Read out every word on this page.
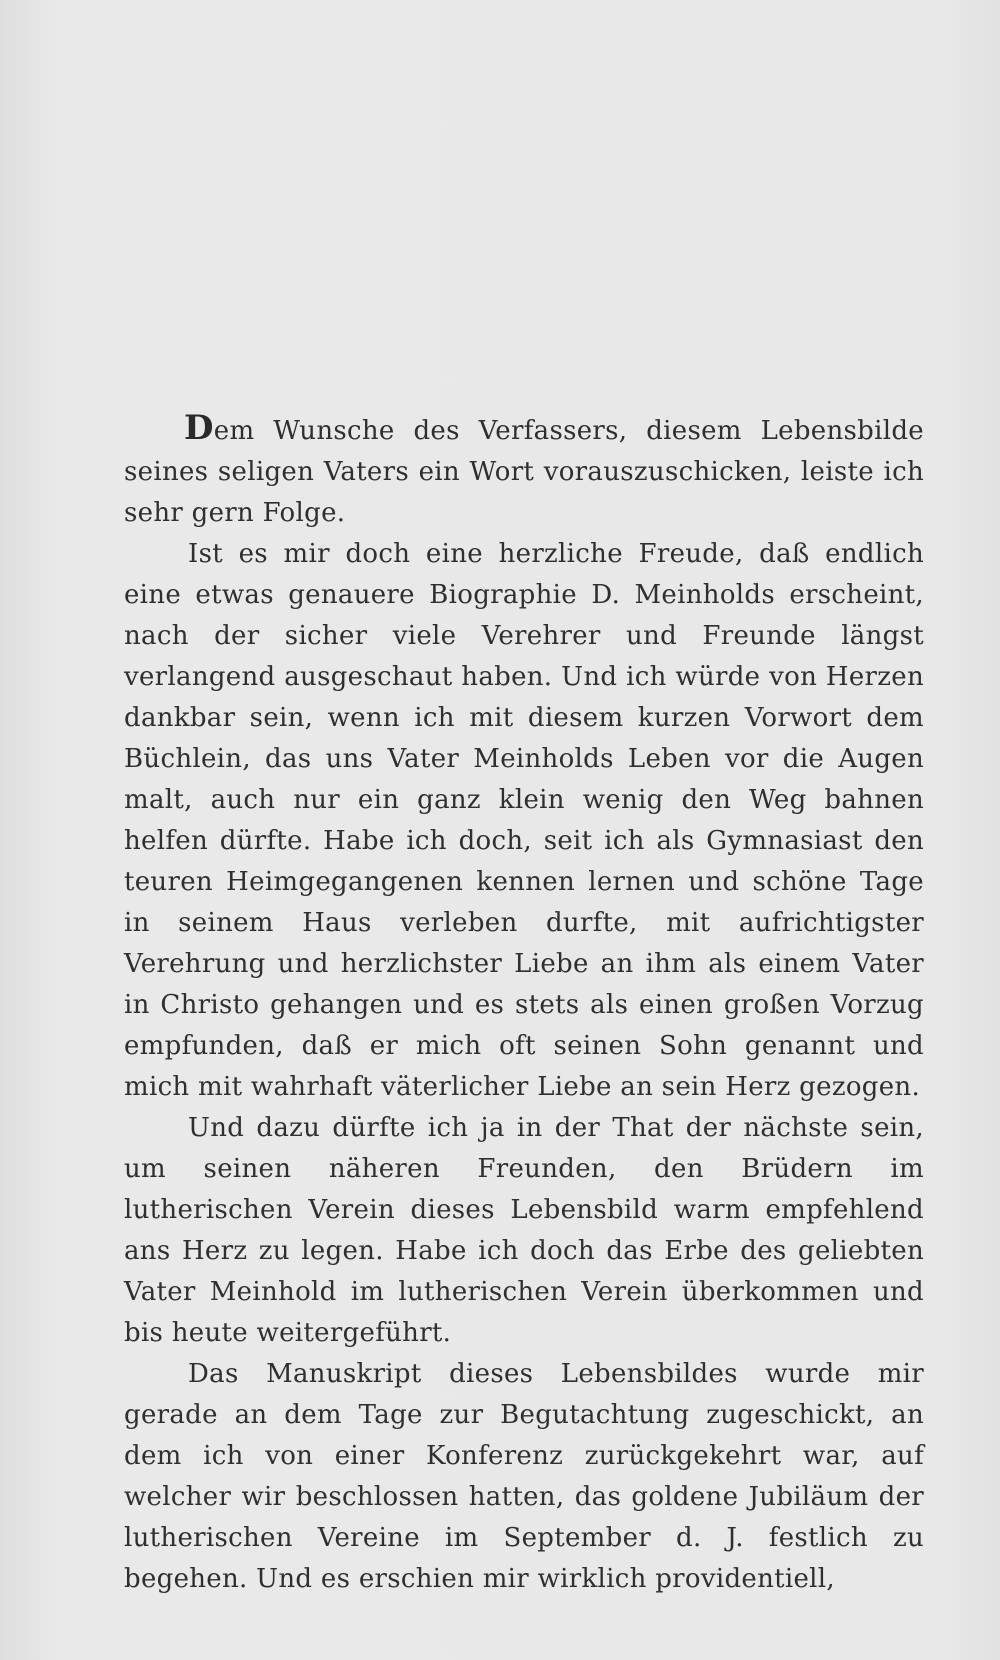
Dem Wunsche des Verfassers, diesem Lebensbilde seines seligen Vaters ein Wort vorauszuschicken, leiste ich sehr gern Folge.

Ist es mir doch eine herzliche Freude, daß endlich eine etwas genauere Biographie D. Meinholds erscheint, nach der sicher viele Verehrer und Freunde längst verlangend ausgeschaut haben. Und ich würde von Herzen dankbar sein, wenn ich mit diesem kurzen Vorwort dem Büchlein, das uns Vater Meinholds Leben vor die Augen malt, auch nur ein ganz klein wenig den Weg bahnen helfen dürfte. Habe ich doch, seit ich als Gymnasiast den teuren Heimgegangenen kennen lernen und schöne Tage in seinem Haus verleben durfte, mit aufrichtigster Verehrung und herzlichster Liebe an ihm als einem Vater in Christo gehangen und es stets als einen großen Vorzug empfunden, daß er mich oft seinen Sohn genannt und mich mit wahrhaft väterlicher Liebe an sein Herz gezogen.

Und dazu dürfte ich ja in der That der nächste sein, um seinen näheren Freunden, den Brüdern im lutherischen Verein dieses Lebensbild warm empfehlend ans Herz zu legen. Habe ich doch das Erbe des geliebten Vater Meinhold im lutherischen Verein überkommen und bis heute weitergeführt.

Das Manuskript dieses Lebensbildes wurde mir gerade an dem Tage zur Begutachtung zugeschickt, an dem ich von einer Konferenz zurückgekehrt war, auf welcher wir beschlossen hatten, das goldene Jubiläum der lutherischen Vereine im September d. J. festlich zu begehen. Und es erschien mir wirklich providentiell,
